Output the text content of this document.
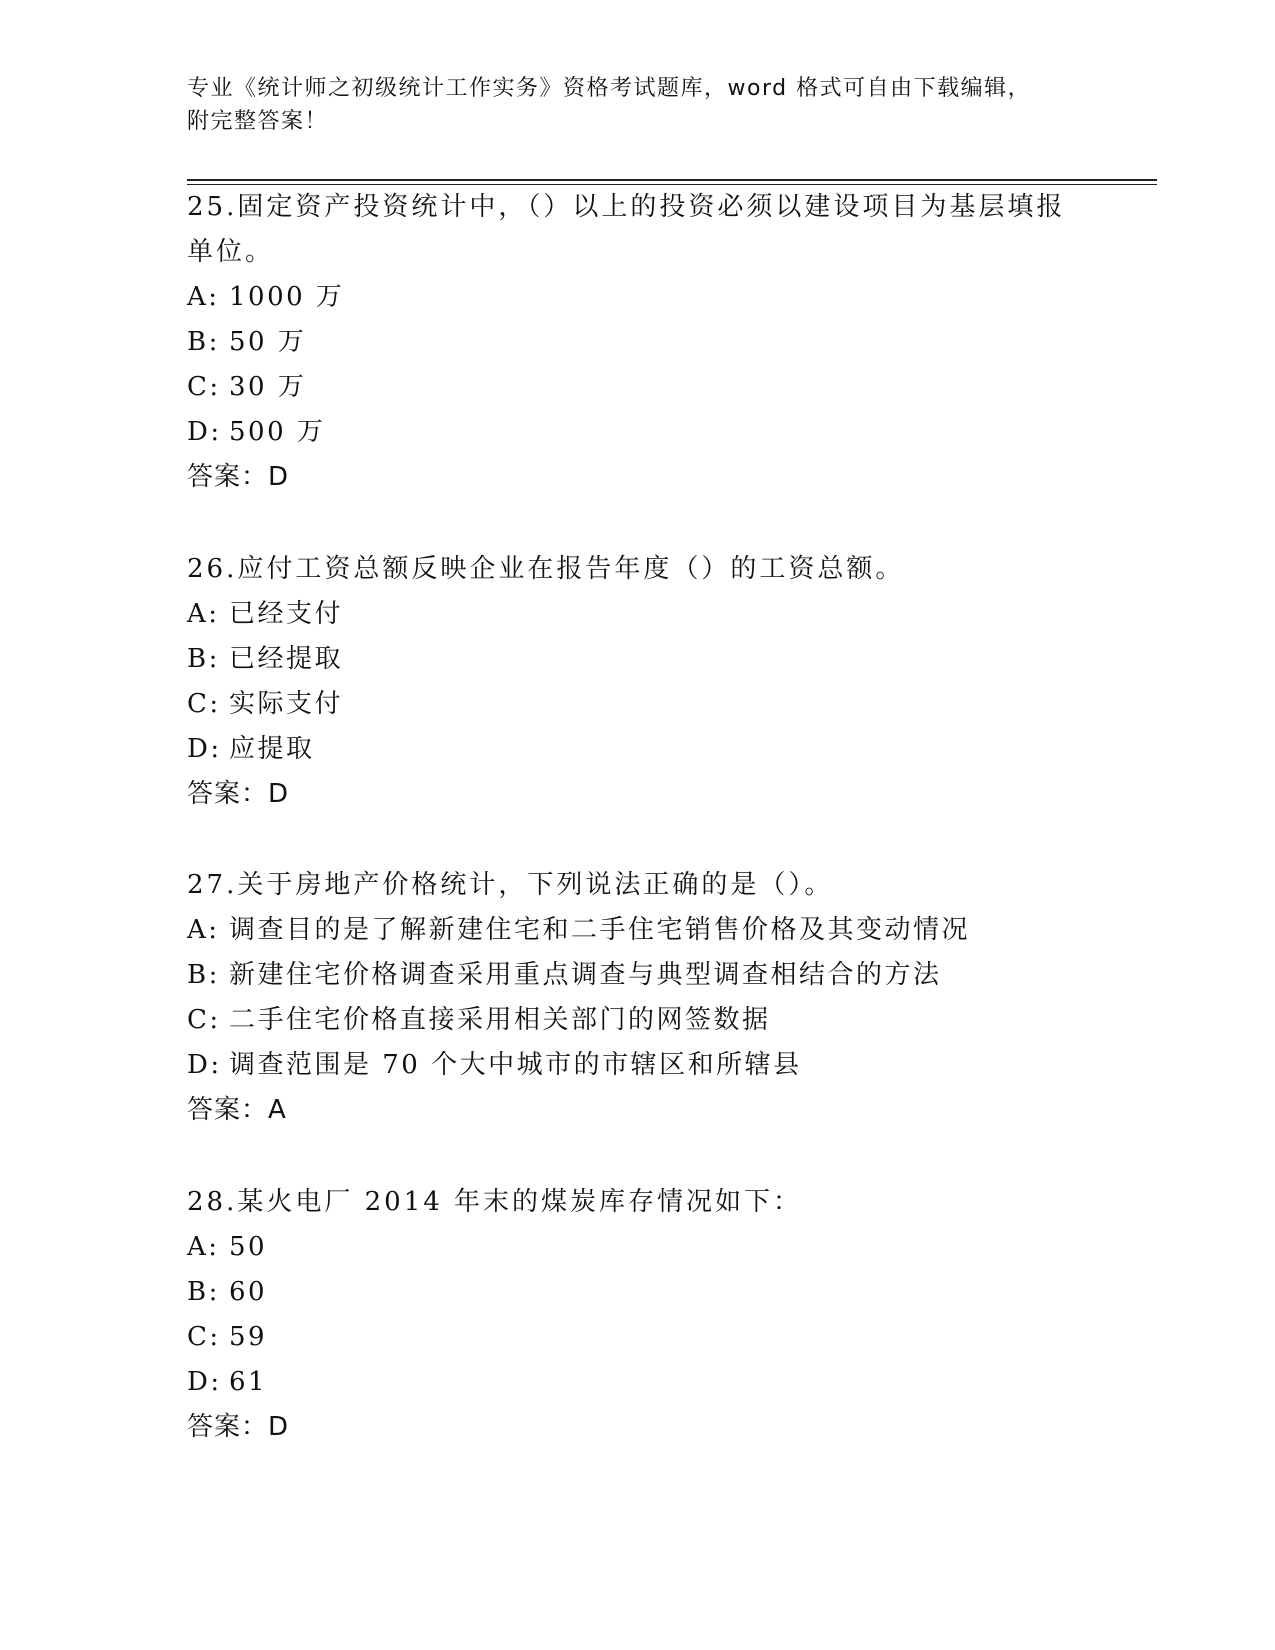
专业《统计师之初级统计工作实务》资格考试题库，word 格式可自由下载编辑，
附完整答案！

25.固定资产投资统计中，（）以上的投资必须以建设项目为基层填报

单位。

A: 1000 万

B: 50 万

C: 30 万

D: 500 万

答案：D

26.应付工资总额反映企业在报告年度（）的工资总额。

A: 已经支付

B: 已经提取

C: 实际支付

D: 应提取

答案：D

27.关于房地产价格统计，下列说法正确的是（）。

A: 调查目的是了解新建住宅和二手住宅销售价格及其变动情况

B: 新建住宅价格调查采用重点调查与典型调查相结合的方法

C: 二手住宅价格直接采用相关部门的网签数据

D: 调查范围是 70 个大中城市的市辖区和所辖县

答案：A

28.某火电厂 2014 年末的煤炭库存情况如下：

A: 50

B: 60

C: 59

D: 61

答案：D
